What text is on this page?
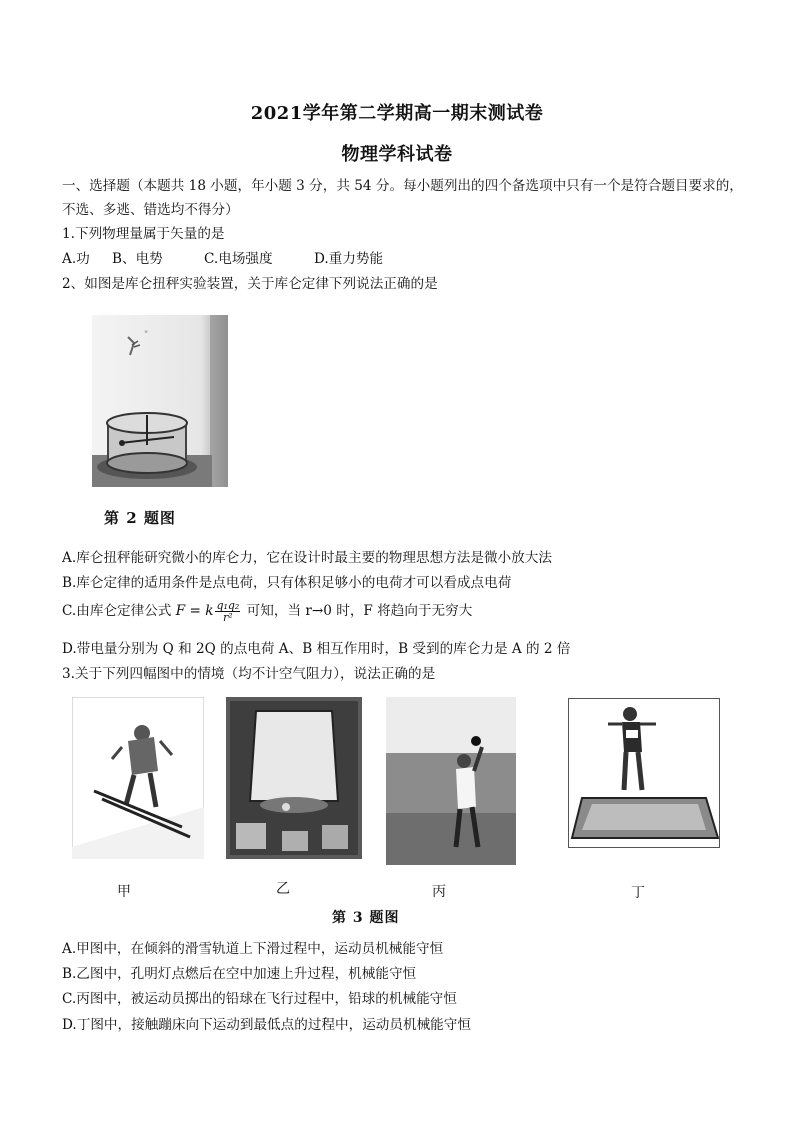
2021学年第二学期高一期末测试卷
物理学科试卷
一、选择题（本题共 18 小题，年小题 3 分，共 54 分。每小题列出的四个备选项中只有一个是符合题目要求的，
不选、多逃、错选均不得分）
1.下列物理量属于矢量的是
A.功 B、电势	C.电场强度	D.重力势能
2、如图是库仑扭秤实验装置，关于库仑定律下列说法正确的是
"
第 2 题图
A.库仑扭秤能研究微小的库仑力，它在设计时最主要的物理思想方法是微小放大法
B.库仑定律的适用条件是点电荷，只有体积足够小的电荷才可以看成点电荷
C.由库仑定律公式 F = k $\frac{\text{q₁q₂}}{\text{r²}}$ 可知，当 r→0 时，F 将趋向于无穷大
D.带电量分别为 Q 和 2Q 的点电荷 A、B 相互作用时，B 受到的库仑力是 A 的 2 倍
3.关于下列四幅图中的情境（均不计空气阻力），说法正确的是
甲	乙	丙	丁
第 3 题图
A.甲图中，在倾斜的滑雪轨道上下滑过程中，运动员机械能守恒
B.乙图中，孔明灯点燃后在空中加速上升过程，机械能守恒
C.丙图中，被运动员掷出的铅球在飞行过程中，铅球的机械能守恒
D.丁图中，接触蹦床向下运动到最低点的过程中，运动员机械能守恒
